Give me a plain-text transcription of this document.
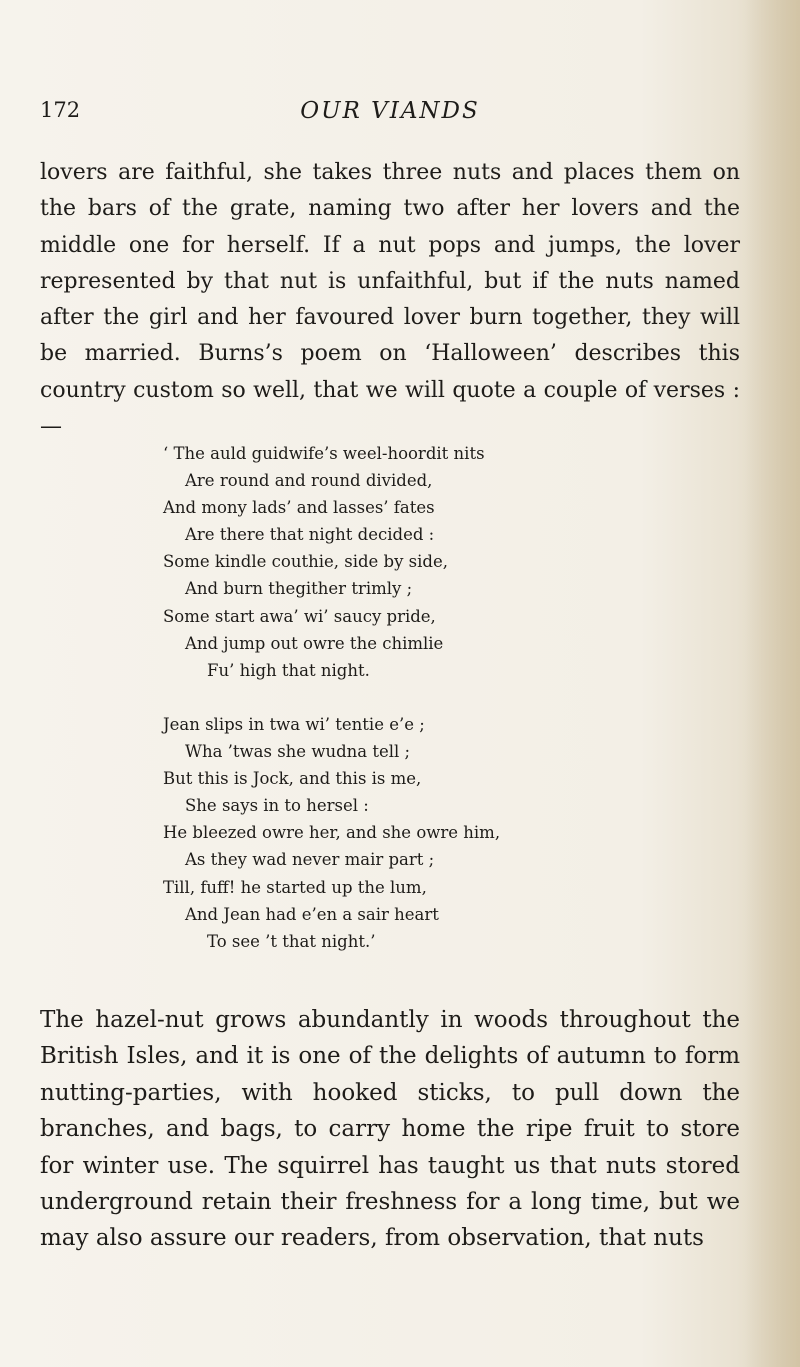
172	OUR VIANDS

lovers are faithful, she takes three nuts and places them on the bars of the grate, naming two after her lovers and the middle one for herself. If a nut pops and jumps, the lover represented by that nut is unfaithful, but if the nuts named after the girl and her favoured lover burn together, they will be married. Burns’s poem on ‘Halloween’ describes this country custom so well, that we will quote a couple of verses :—

‘ The auld guidwife’s weel-hoordit nits
Are round and round divided,
And mony lads’ and lasses’ fates
Are there that night decided :
Some kindle couthie, side by side,
And burn thegither trimly ;
Some start awa’ wi’ saucy pride,
And jump out owre the chimlie
Fu’ high that night.
Jean slips in twa wi’ tentie e’e ;
Wha ’twas she wudna tell ;
But this is Jock, and this is me,
She says in to hersel :
He bleezed owre her, and she owre him,
As they wad never mair part ;
Till, fuff! he started up the lum,
And Jean had e’en a sair heart
To see ’t that night.’

The hazel-nut grows abundantly in woods throughout the British Isles, and it is one of the delights of autumn to form nutting-parties, with hooked sticks, to pull down the branches, and bags, to carry home the ripe fruit to store for winter use. The squirrel has taught us that nuts stored underground retain their freshness for a long time, but we may also assure our readers, from observation, that nuts
